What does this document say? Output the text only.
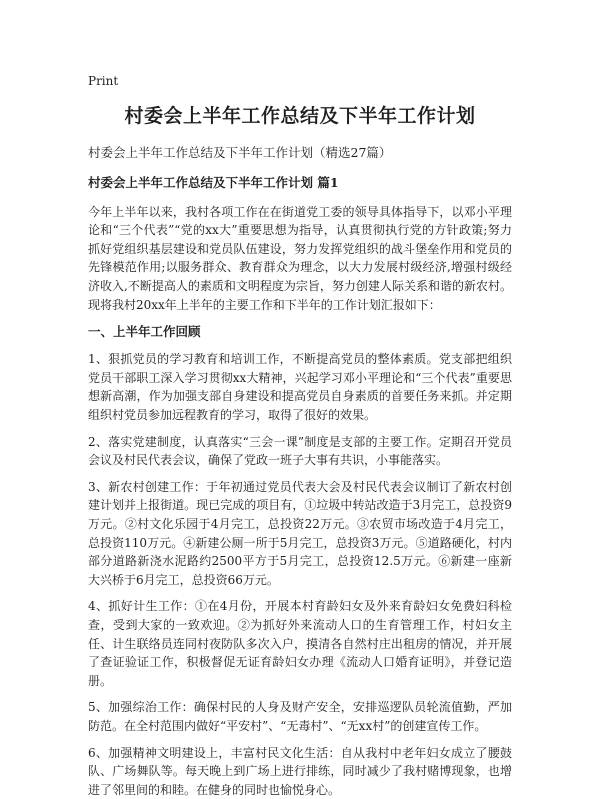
Print
村委会上半年工作总结及下半年工作计划

村委会上半年工作总结及下半年工作计划（精选27篇）

村委会上半年工作总结及下半年工作计划 篇1

今年上半年以来，我村各项工作在在街道党工委的领导具体指导下，以邓小平理论和“三个代表”“党的xx大”重要思想为指导，认真贯彻执行党的方针政策;努力抓好党组织基层建设和党员队伍建设，努力发挥党组织的战斗堡垒作用和党员的先锋模范作用;以服务群众、教育群众为理念，以大力发展村级经济,增强村级经济收入,不断提高人的素质和文明程度为宗旨，努力创建人际关系和谐的新农村。现将我村20xx年上半年的主要工作和下半年的工作计划汇报如下：

一、上半年工作回顾

1、狠抓党员的学习教育和培训工作，不断提高党员的整体素质。党支部把组织党员干部职工深入学习贯彻xx大精神，兴起学习邓小平理论和“三个代表”重要思想新高潮，作为加强支部自身建设和提高党员自身素质的首要任务来抓。并定期组织村党员参加远程教育的学习，取得了很好的效果。

2、落实党建制度，认真落实“三会一课”制度是支部的主要工作。定期召开党员会议及村民代表会议，确保了党政一班子大事有共识，小事能落实。

3、新农村创建工作：于年初通过党员代表大会及村民代表会议制订了新农村创建计划并上报街道。现已完成的项目有，①垃圾中转站改造于3月完工，总投资9万元。②村文化乐园于4月完工，总投资22万元。③农贸市场改造于4月完工，总投资110万元。④新建公厕一所于5月完工，总投资3万元。⑤道路硬化，村内部分道路新浇水泥路约2500平方于5月完工，总投资12.5万元。⑥新建一座新大兴桥于6月完工，总投资66万元。

4、抓好计生工作：①在4月份，开展本村育龄妇女及外来育龄妇女免费妇科检查，受到大家的一致欢迎。②为抓好外来流动人口的生育管理工作，村妇女主任、计生联络员连同村夜防队多次入户，摸清各自然村庄出租房的情况，并开展了查证验证工作，积极督促无证育龄妇女办理《流动人口婚育证明》，并登记造册。

5、加强综治工作：确保村民的人身及财产安全，安排巡逻队员轮流值勤，严加防范。在全村范围内做好“平安村”、“无毒村”、“无xx村”的创建宣传工作。

6、加强精神文明建设上，丰富村民文化生活：自从我村中老年妇女成立了腰鼓队、广场舞队等。每天晚上到广场上进行排练，同时减少了我村赌博现象，也增进了邻里间的和睦。在健身的同时也愉悦身心。
